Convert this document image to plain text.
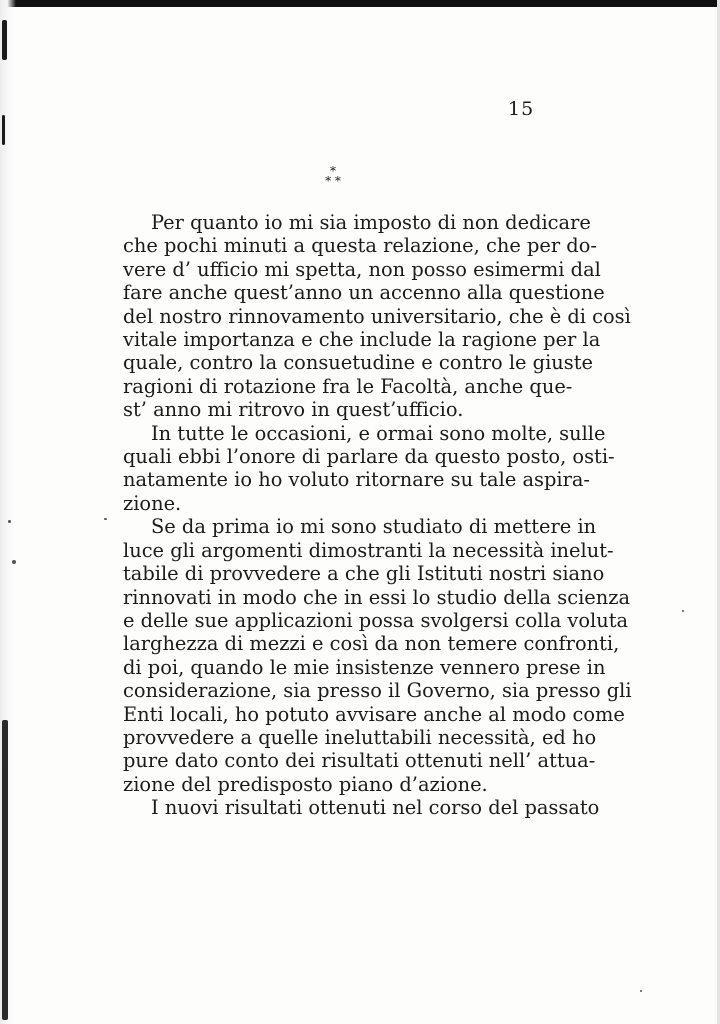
15
*
* *

Per quanto io mi sia imposto di non dedicare
che pochi minuti a questa relazione, che per do-
vere d’ ufficio mi spetta, non posso esimermi dal
fare anche quest’anno un accenno alla questione
del nostro rinnovamento universitario, che è di così
vitale importanza e che include la ragione per la
quale, contro la consuetudine e contro le giuste
ragioni di rotazione fra le Facoltà, anche que-
st’ anno mi ritrovo in quest’ufficio.

In tutte le occasioni, e ormai sono molte, sulle
quali ebbi l’onore di parlare da questo posto, osti-
natamente io ho voluto ritornare su tale aspira-
zione.

Se da prima io mi sono studiato di mettere in
luce gli argomenti dimostranti la necessità inelut-
tabile di provvedere a che gli Istituti nostri siano
rinnovati in modo che in essi lo studio della scienza
e delle sue applicazioni possa svolgersi colla voluta
larghezza di mezzi e così da non temere confronti,
di poi, quando le mie insistenze vennero prese in
considerazione, sia presso il Governo, sia presso gli
Enti locali, ho potuto avvisare anche al modo come
provvedere a quelle ineluttabili necessità, ed ho
pure dato conto dei risultati ottenuti nell’ attua-
zione del predisposto piano d’azione.

I nuovi risultati ottenuti nel corso del passato
